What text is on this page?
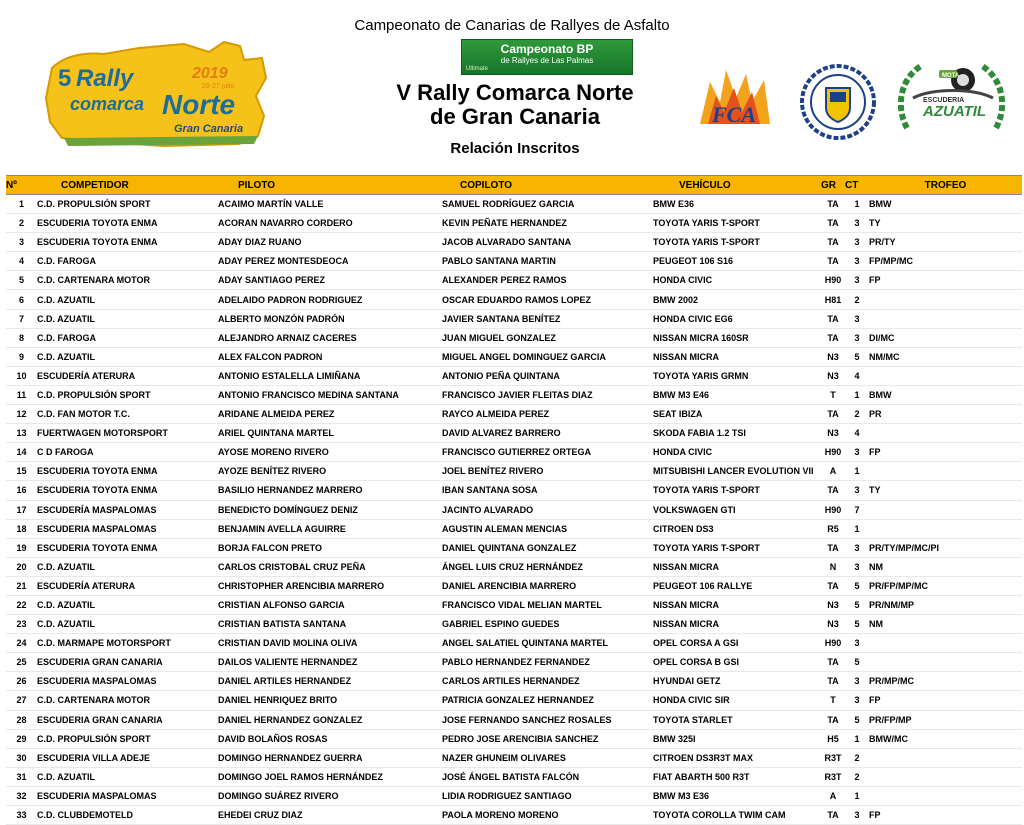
Campeonato de Canarias de Rallyes de Asfalto
Campeonato BP
de Rallyes de Las Palmas
Ultimate
5 Rally	2019
26-27 julio
comarca Norte
Gran Canaria
V Rally Comarca Norte
de Gran Canaria
Relación Inscritos
FCA
MOTA
ESCUDERIA
AZUATIL
Nº	COMPETIDOR	PILOTO	COPILOTO	VEHÍCULO	GR	CT	TROFEO
1	C.D. PROPULSIÓN SPORT	ACAIMO MARTÍN VALLE	SAMUEL RODRÍGUEZ GARCIA	BMW E36	TA	1	BMW
2	ESCUDERIA TOYOTA ENMA	ACORAN NAVARRO CORDERO	KEVIN PEÑATE HERNANDEZ	TOYOTA YARIS T-SPORT	TA	3	TY
3	ESCUDERIA TOYOTA ENMA	ADAY DIAZ RUANO	JACOB ALVARADO SANTANA	TOYOTA YARIS T-SPORT	TA	3	PR/TY
4	C.D. FAROGA	ADAY PEREZ MONTESDEOCA	PABLO SANTANA MARTIN	PEUGEOT 106 S16	TA	3	FP/MP/MC
5	C.D. CARTENARA MOTOR	ADAY SANTIAGO PEREZ	ALEXANDER PEREZ RAMOS	HONDA CIVIC	H90	3	FP
6	C.D. AZUATIL	ADELAIDO PADRON RODRIGUEZ	OSCAR EDUARDO RAMOS LOPEZ	BMW 2002	H81	2	
7	C.D. AZUATIL	ALBERTO MONZÓN PADRÓN	JAVIER SANTANA BENÍTEZ	HONDA CIVIC EG6	TA	3	
8	C.D. FAROGA	ALEJANDRO ARNAIZ CACERES	JUAN MIGUEL GONZALEZ	NISSAN MICRA 160SR	TA	3	DI/MC
9	C.D. AZUATIL	ALEX FALCON PADRON	MIGUEL ANGEL DOMINGUEZ GARCIA	NISSAN MICRA	N3	5	NM/MC
10	ESCUDERÍA ATERURA	ANTONIO ESTALELLA LIMIÑANA	ANTONIO PEÑA QUINTANA	TOYOTA YARIS GRMN	N3	4	
11	C.D. PROPULSIÓN SPORT	ANTONIO FRANCISCO MEDINA SANTANA	FRANCISCO JAVIER FLEITAS DIAZ	BMW M3 E46	T	1	BMW
12	C.D. FAN MOTOR T.C.	ARIDANE ALMEIDA PEREZ	RAYCO ALMEIDA PEREZ	SEAT IBIZA	TA	2	PR
13	FUERTWAGEN MOTORSPORT	ARIEL QUINTANA MARTEL	DAVID ALVAREZ BARRERO	SKODA FABIA 1.2 TSI	N3	4	
14	C D FAROGA	AYOSE MORENO RIVERO	FRANCISCO GUTIERREZ ORTEGA	HONDA CIVIC	H90	3	FP
15	ESCUDERIA TOYOTA ENMA	AYOZE BENÍTEZ RIVERO	JOEL BENÍTEZ RIVERO	MITSUBISHI LANCER EVOLUTION VII	A	1	
16	ESCUDERIA TOYOTA ENMA	BASILIO HERNANDEZ MARRERO	IBAN SANTANA SOSA	TOYOTA YARIS T-SPORT	TA	3	TY
17	ESCUDERÍA MASPALOMAS	BENEDICTO DOMÍNGUEZ DENIZ	JACINTO ALVARADO	VOLKSWAGEN GTI	H90	7	
18	ESCUDERIA MASPALOMAS	BENJAMIN AVELLA AGUIRRE	AGUSTIN ALEMAN MENCIAS	CITROEN DS3	R5	1	
19	ESCUDERIA TOYOTA ENMA	BORJA FALCON PRETO	DANIEL QUINTANA GONZALEZ	TOYOTA YARIS T-SPORT	TA	3	PR/TY/MP/MC/PI
20	C.D. AZUATIL	CARLOS CRISTOBAL CRUZ PEÑA	ÁNGEL LUIS CRUZ HERNÁNDEZ	NISSAN MICRA	N	3	NM
21	ESCUDERÍA ATERURA	CHRISTOPHER ARENCIBIA MARRERO	DANIEL ARENCIBIA MARRERO	PEUGEOT 106 RALLYE	TA	5	PR/FP/MP/MC
22	C.D. AZUATIL	CRISTIAN ALFONSO GARCIA	FRANCISCO VIDAL MELIAN MARTEL	NISSAN MICRA	N3	5	PR/NM/MP
23	C.D. AZUATIL	CRISTIAN BATISTA SANTANA	GABRIEL ESPINO GUEDES	NISSAN MICRA	N3	5	NM
24	C.D. MARMAPE MOTORSPORT	CRISTIAN DAVID MOLINA OLIVA	ANGEL SALATIEL QUINTANA MARTEL	OPEL CORSA A GSI	H90	3	
25	ESCUDERIA GRAN CANARIA	DAILOS VALIENTE HERNANDEZ	PABLO HERNANDEZ FERNANDEZ	OPEL CORSA B GSI	TA	5	
26	ESCUDERIA MASPALOMAS	DANIEL ARTILES HERNANDEZ	CARLOS ARTILES HERNANDEZ	HYUNDAI GETZ	TA	3	PR/MP/MC
27	C.D. CARTENARA MOTOR	DANIEL HENRIQUEZ BRITO	PATRICIA GONZALEZ HERNANDEZ	HONDA CIVIC SIR	T	3	FP
28	ESCUDERIA GRAN CANARIA	DANIEL HERNANDEZ GONZALEZ	JOSE FERNANDO SANCHEZ ROSALES	TOYOTA STARLET	TA	5	PR/FP/MP
29	C.D. PROPULSIÓN SPORT	DAVID BOLAÑOS ROSAS	PEDRO JOSE ARENCIBIA SANCHEZ	BMW 325I	H5	1	BMW/MC
30	ESCUDERIA VILLA ADEJE	DOMINGO HERNANDEZ GUERRA	NAZER GHUNEIM OLIVARES	CITROEN DS3R3T MAX	R3T	2	
31	C.D. AZUATIL	DOMINGO JOEL RAMOS HERNÁNDEZ	JOSÉ ÁNGEL BATISTA FALCÓN	FIAT ABARTH 500 R3T	R3T	2	
32	ESCUDERIA MASPALOMAS	DOMINGO SUÁREZ RIVERO	LIDIA RODRIGUEZ SANTIAGO	BMW M3 E36	A	1	
33	C.D. CLUBDEMOTELD	EHEDEI CRUZ DIAZ	PAOLA MORENO MORENO	TOYOTA COROLLA TWIM CAM	TA	3	FP
